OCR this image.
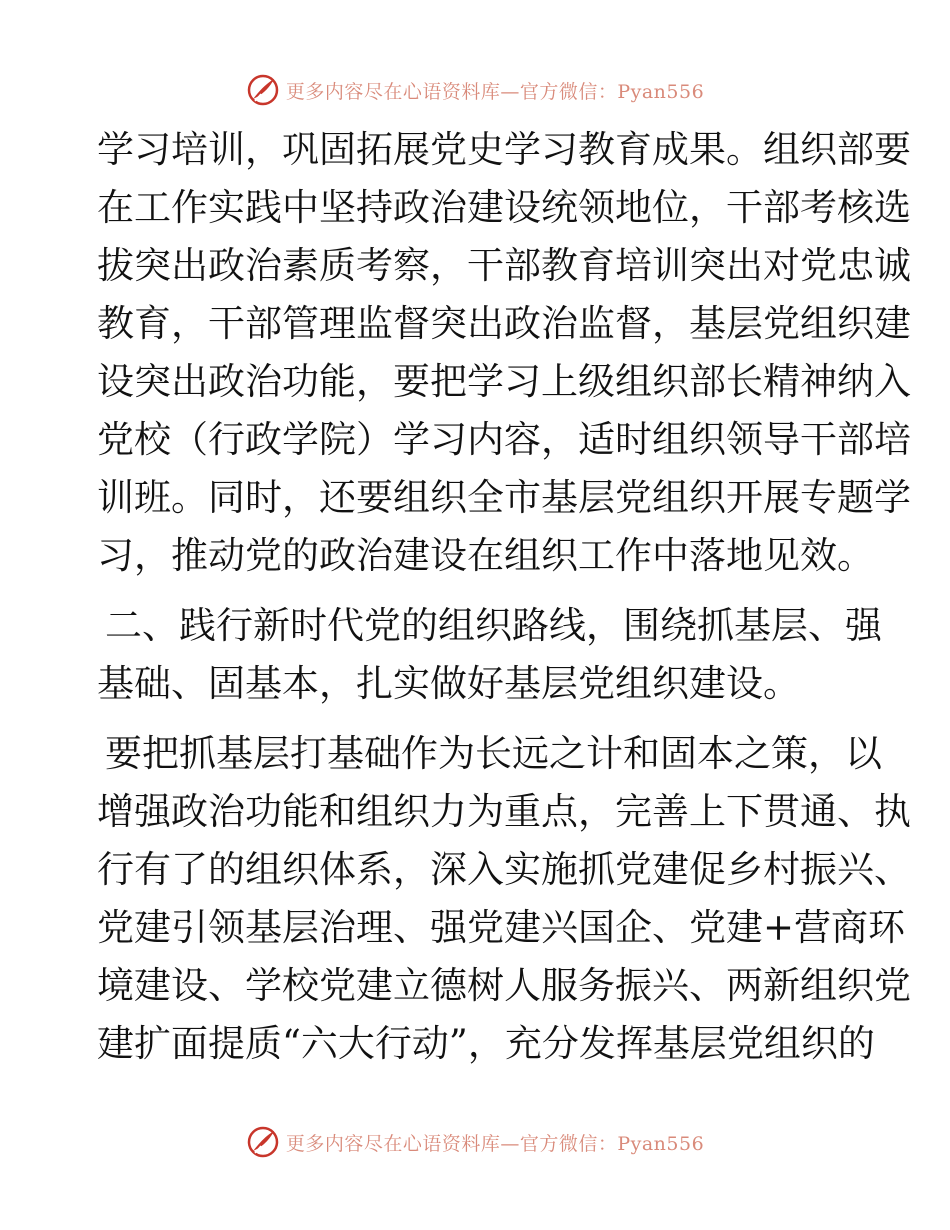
更多内容尽在心语资料库—官方微信：Pyan556
学习培训，巩固拓展党史学习教育成果。组织部要
在工作实践中坚持政治建设统领地位，干部考核选
拔突出政治素质考察，干部教育培训突出对党忠诚
教育，干部管理监督突出政治监督，基层党组织建
设突出政治功能，要把学习上级组织部长精神纳入
党校（行政学院）学习内容，适时组织领导干部培
训班。同时，还要组织全市基层党组织开展专题学
习，推动党的政治建设在组织工作中落地见效。
二、践行新时代党的组织路线，围绕抓基层、强
基础、固基本，扎实做好基层党组织建设。
要把抓基层打基础作为长远之计和固本之策，以
增强政治功能和组织力为重点，完善上下贯通、执
行有了的组织体系，深入实施抓党建促乡村振兴、
党建引领基层治理、强党建兴国企、党建+营商环
境建设、学校党建立德树人服务振兴、两新组织党
建扩面提质“六大行动”，充分发挥基层党组织的
更多内容尽在心语资料库—官方微信：Pyan556
